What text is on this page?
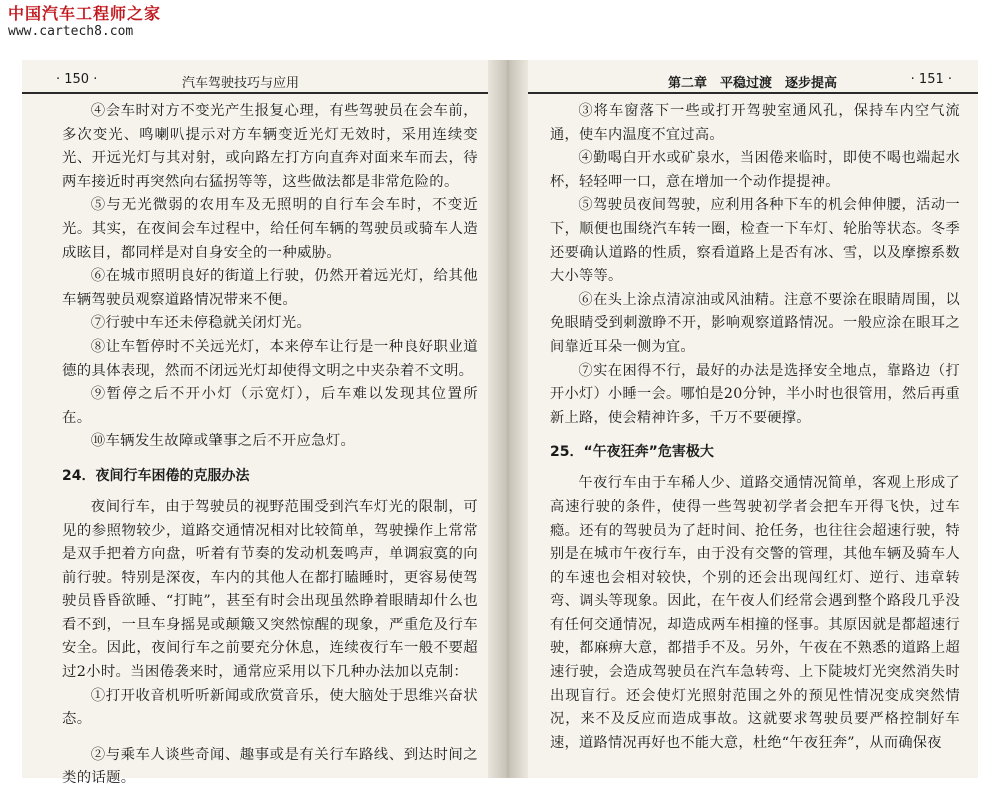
中国汽车工程师之家
www.cartech8.com
· 150 ·	汽车驾驶技巧与应用

④会车时对方不变光产生报复心理，有些驾驶员在会车前，多次变光、鸣喇叭提示对方车辆变近光灯无效时，采用连续变光、开远光灯与其对射，或向路左打方向直奔对面来车而去，待两车接近时再突然向右猛拐等等，这些做法都是非常危险的。

⑤与无光微弱的农用车及无照明的自行车会车时，不变近光。其实，在夜间会车过程中，给任何车辆的驾驶员或骑车人造成眩目，都同样是对自身安全的一种威胁。

⑥在城市照明良好的街道上行驶，仍然开着远光灯，给其他车辆驾驶员观察道路情况带来不便。

⑦行驶中车还未停稳就关闭灯光。

⑧让车暂停时不关远光灯，本来停车让行是一种良好职业道德的具体表现，然而不闭远光灯却使得文明之中夹杂着不文明。

⑨暂停之后不开小灯（示宽灯），后车难以发现其位置所在。

⑩车辆发生故障或肇事之后不开应急灯。

24．夜间行车困倦的克服办法

夜间行车，由于驾驶员的视野范围受到汽车灯光的限制，可见的参照物较少，道路交通情况相对比较简单，驾驶操作上常常是双手把着方向盘，听着有节奏的发动机轰鸣声，单调寂寞的向前行驶。特别是深夜，车内的其他人在都打瞌睡时，更容易使驾驶员昏昏欲睡、“打盹”，甚至有时会出现虽然睁着眼睛却什么也看不到，一旦车身摇晃或颠簸又突然惊醒的现象，严重危及行车安全。因此，夜间行车之前要充分休息，连续夜行车一般不要超过2小时。当困倦袭来时，通常应采用以下几种办法加以克制：

①打开收音机听听新闻或欣赏音乐，使大脑处于思维兴奋状态。

②与乘车人谈些奇闻、趣事或是有关行车路线、到达时间之类的话题。

第二章　平稳过渡　逐步提高	· 151 ·

③将车窗落下一些或打开驾驶室通风孔，保持车内空气流通，使车内温度不宜过高。

④勤喝白开水或矿泉水，当困倦来临时，即使不喝也端起水杯，轻轻呷一口，意在增加一个动作提提神。

⑤驾驶员夜间驾驶，应利用各种下车的机会伸伸腰，活动一下，顺便也围绕汽车转一圈，检查一下车灯、轮胎等状态。冬季还要确认道路的性质，察看道路上是否有冰、雪，以及摩擦系数大小等等。

⑥在头上涂点清凉油或风油精。注意不要涂在眼睛周围，以免眼睛受到刺激睁不开，影响观察道路情况。一般应涂在眼耳之间靠近耳朵一侧为宜。

⑦实在困得不行，最好的办法是选择安全地点，靠路边（打开小灯）小睡一会。哪怕是20分钟，半小时也很管用，然后再重新上路，使会精神许多，千万不要硬撑。

25．“午夜狂奔”危害极大

午夜行车由于车稀人少、道路交通情况简单，客观上形成了高速行驶的条件，使得一些驾驶初学者会把车开得飞快，过车瘾。还有的驾驶员为了赶时间、抢任务，也往往会超速行驶，特别是在城市午夜行车，由于没有交警的管理，其他车辆及骑车人的车速也会相对较快，个别的还会出现闯红灯、逆行、违章转弯、调头等现象。因此，在午夜人们经常会遇到整个路段几乎没有任何交通情况，却造成两车相撞的怪事。其原因就是都超速行驶，都麻痹大意，都措手不及。另外，午夜在不熟悉的道路上超速行驶，会造成驾驶员在汽车急转弯、上下陡坡灯光突然消失时出现盲行。还会使灯光照射范围之外的预见性情况变成突然情况，来不及反应而造成事故。这就要求驾驶员要严格控制好车速，道路情况再好也不能大意，杜绝“午夜狂奔”，从而确保夜
